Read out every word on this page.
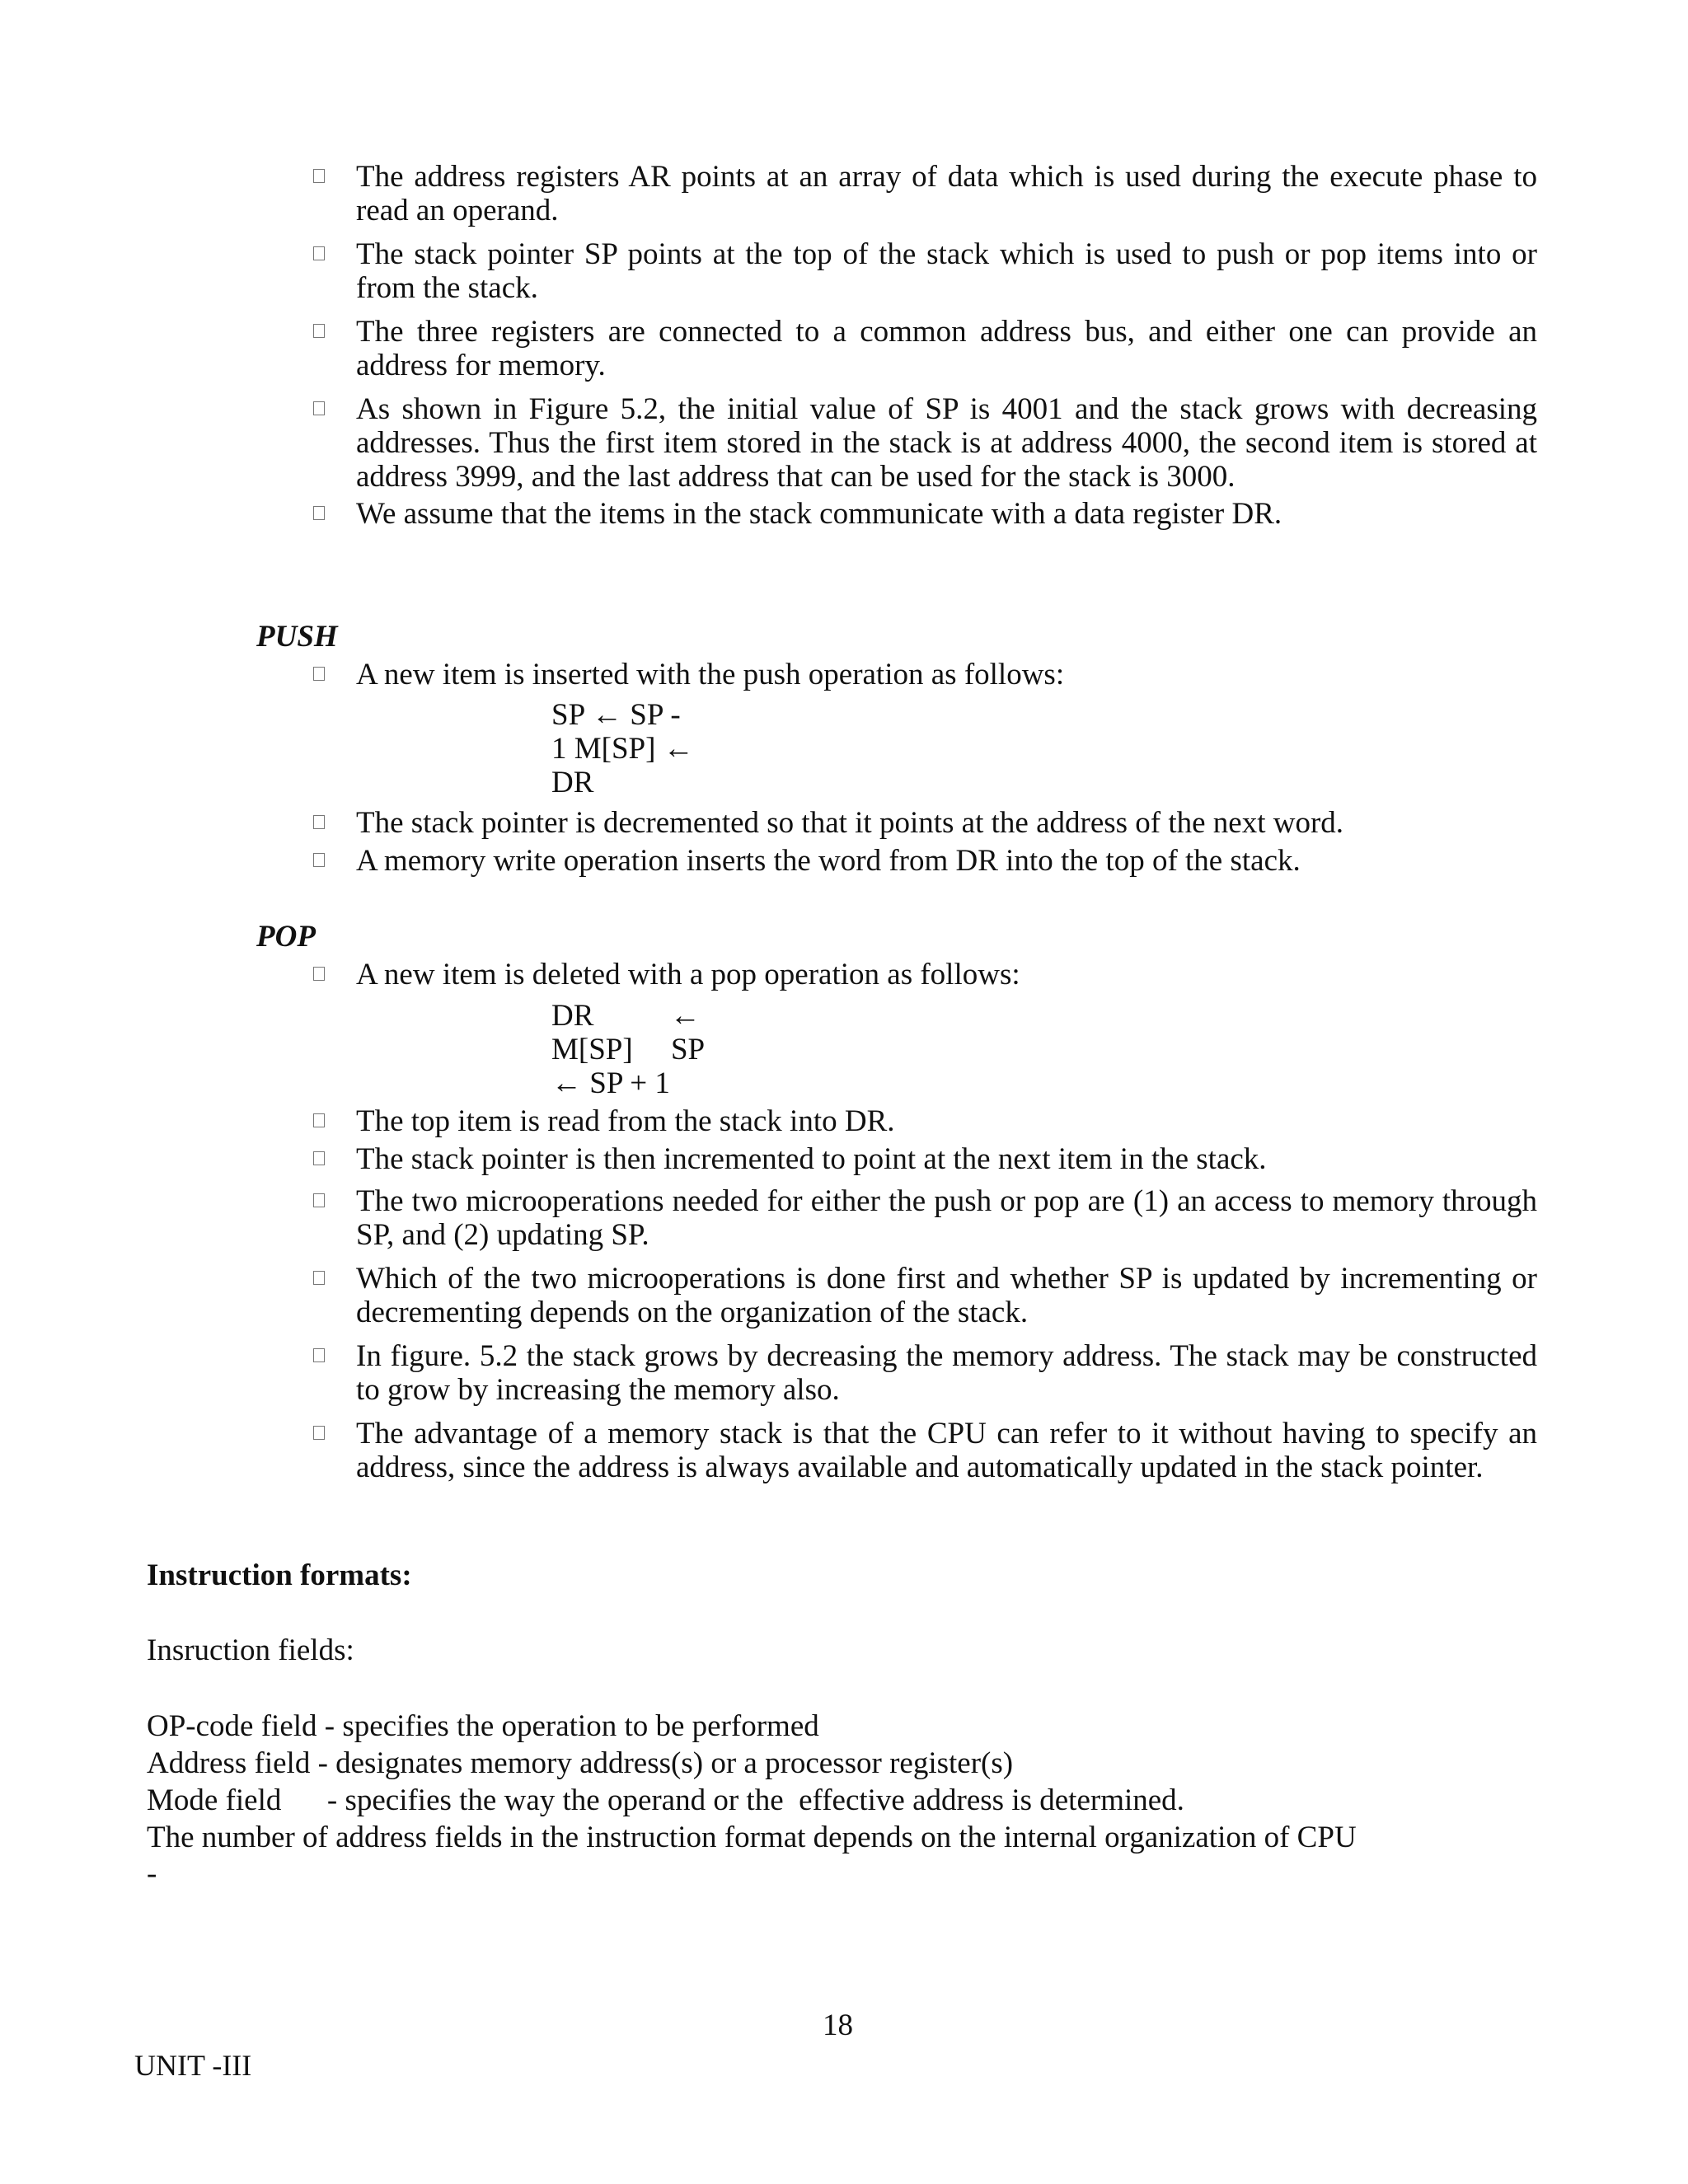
The address registers AR points at an array of data which is used during the execute phase to read an operand.
The stack pointer SP points at the top of the stack which is used to push or pop items into or from the stack.
The three registers are connected to a common address bus, and either one can provide an address for memory.
As shown in Figure 5.2, the initial value of SP is 4001 and the stack grows with decreasing addresses. Thus the first item stored in the stack is at address 4000, the second item is stored at address 3999, and the last address that can be used for the stack is 3000.
We assume that the items in the stack communicate with a data register DR.
PUSH
A new item is inserted with the push operation as follows:
SP ← SP -
1 M[SP] ←
DR
The stack pointer is decremented so that it points at the address of the next word.
A memory write operation inserts the word from DR into the top of the stack.
POP
A new item is deleted with a pop operation as follows:
DR          ←
M[SP]     SP
← SP + 1
The top item is read from the stack into DR.
The stack pointer is then incremented to point at the next item in the stack.
The two microoperations needed for either the push or pop are (1) an access to memory through SP, and (2) updating SP.
Which of the two microoperations is done first and whether SP is updated by incrementing or decrementing depends on the organization of the stack.
In figure. 5.2 the stack grows by decreasing the memory address. The stack may be constructed to grow by increasing the memory also.
The advantage of a memory stack is that the CPU can refer to it without having to specify an address, since the address is always available and automatically updated in the stack pointer.
Instruction formats:
Insruction fields:
OP-code field - specifies the operation to be performed
Address field - designates memory address(s) or a processor register(s)
Mode field      - specifies the way the operand or the  effective address is determined.
The number of address fields in the instruction format depends on the internal organization of CPU
-
18
UNIT -III
